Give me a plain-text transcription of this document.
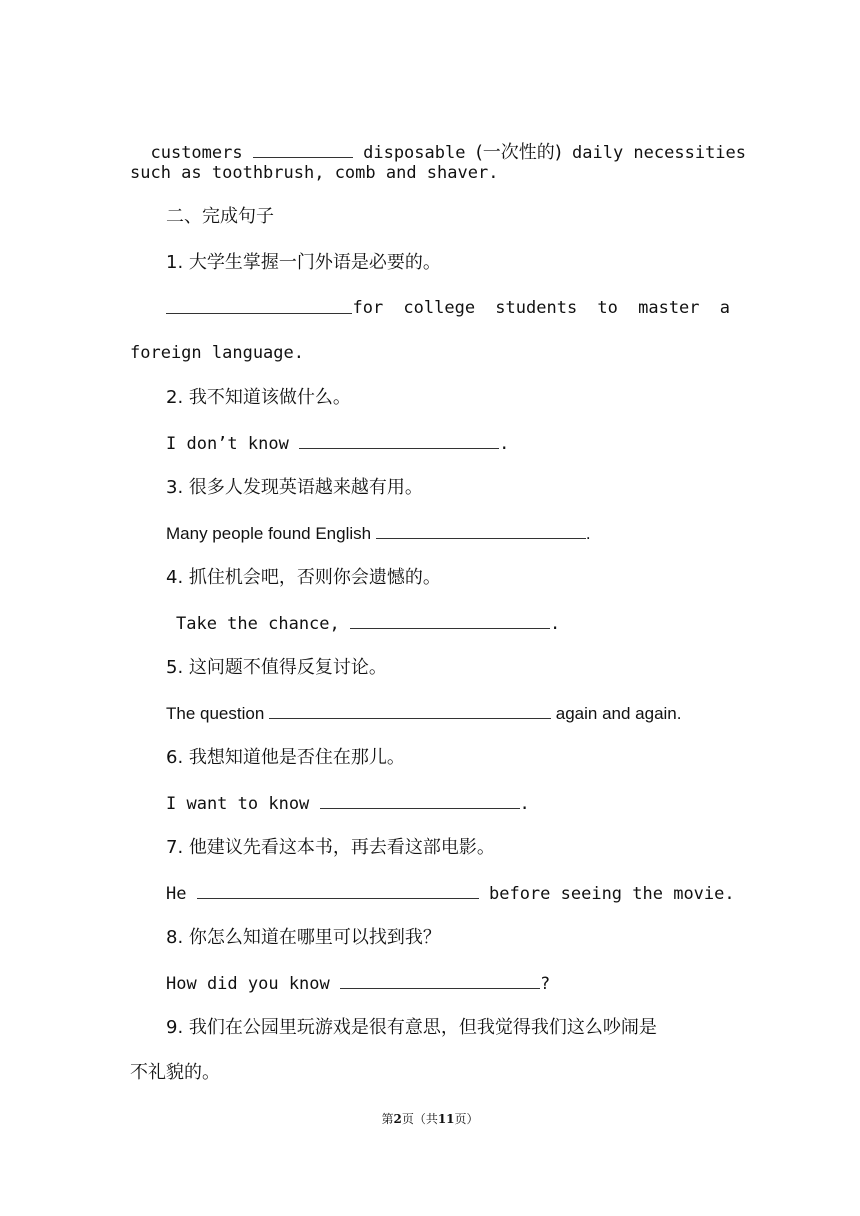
customers	disposable (一次性的) daily necessities

such as toothbrush, comb and shaver.
二、完成句子
1. 大学生掌握一门外语是必要的。
for college students to master a
foreign language.
2. 我不知道该做什么。
I don’t know	.
3. 很多人发现英语越来越有用。
Many people found English	.
4. 抓住机会吧，否则你会遗憾的。
Take the chance,	.
5. 这问题不值得反复讨论。
The question	again and again.
6. 我想知道他是否住在那儿。
I want to know	.
7. 他建议先看这本书，再去看这部电影。
He	before seeing the movie.
8. 你怎么知道在哪里可以找到我？
How did you know	?
9. 我们在公园里玩游戏是很有意思，但我觉得我们这么吵闹是
不礼貌的。
第2页（共11页）
